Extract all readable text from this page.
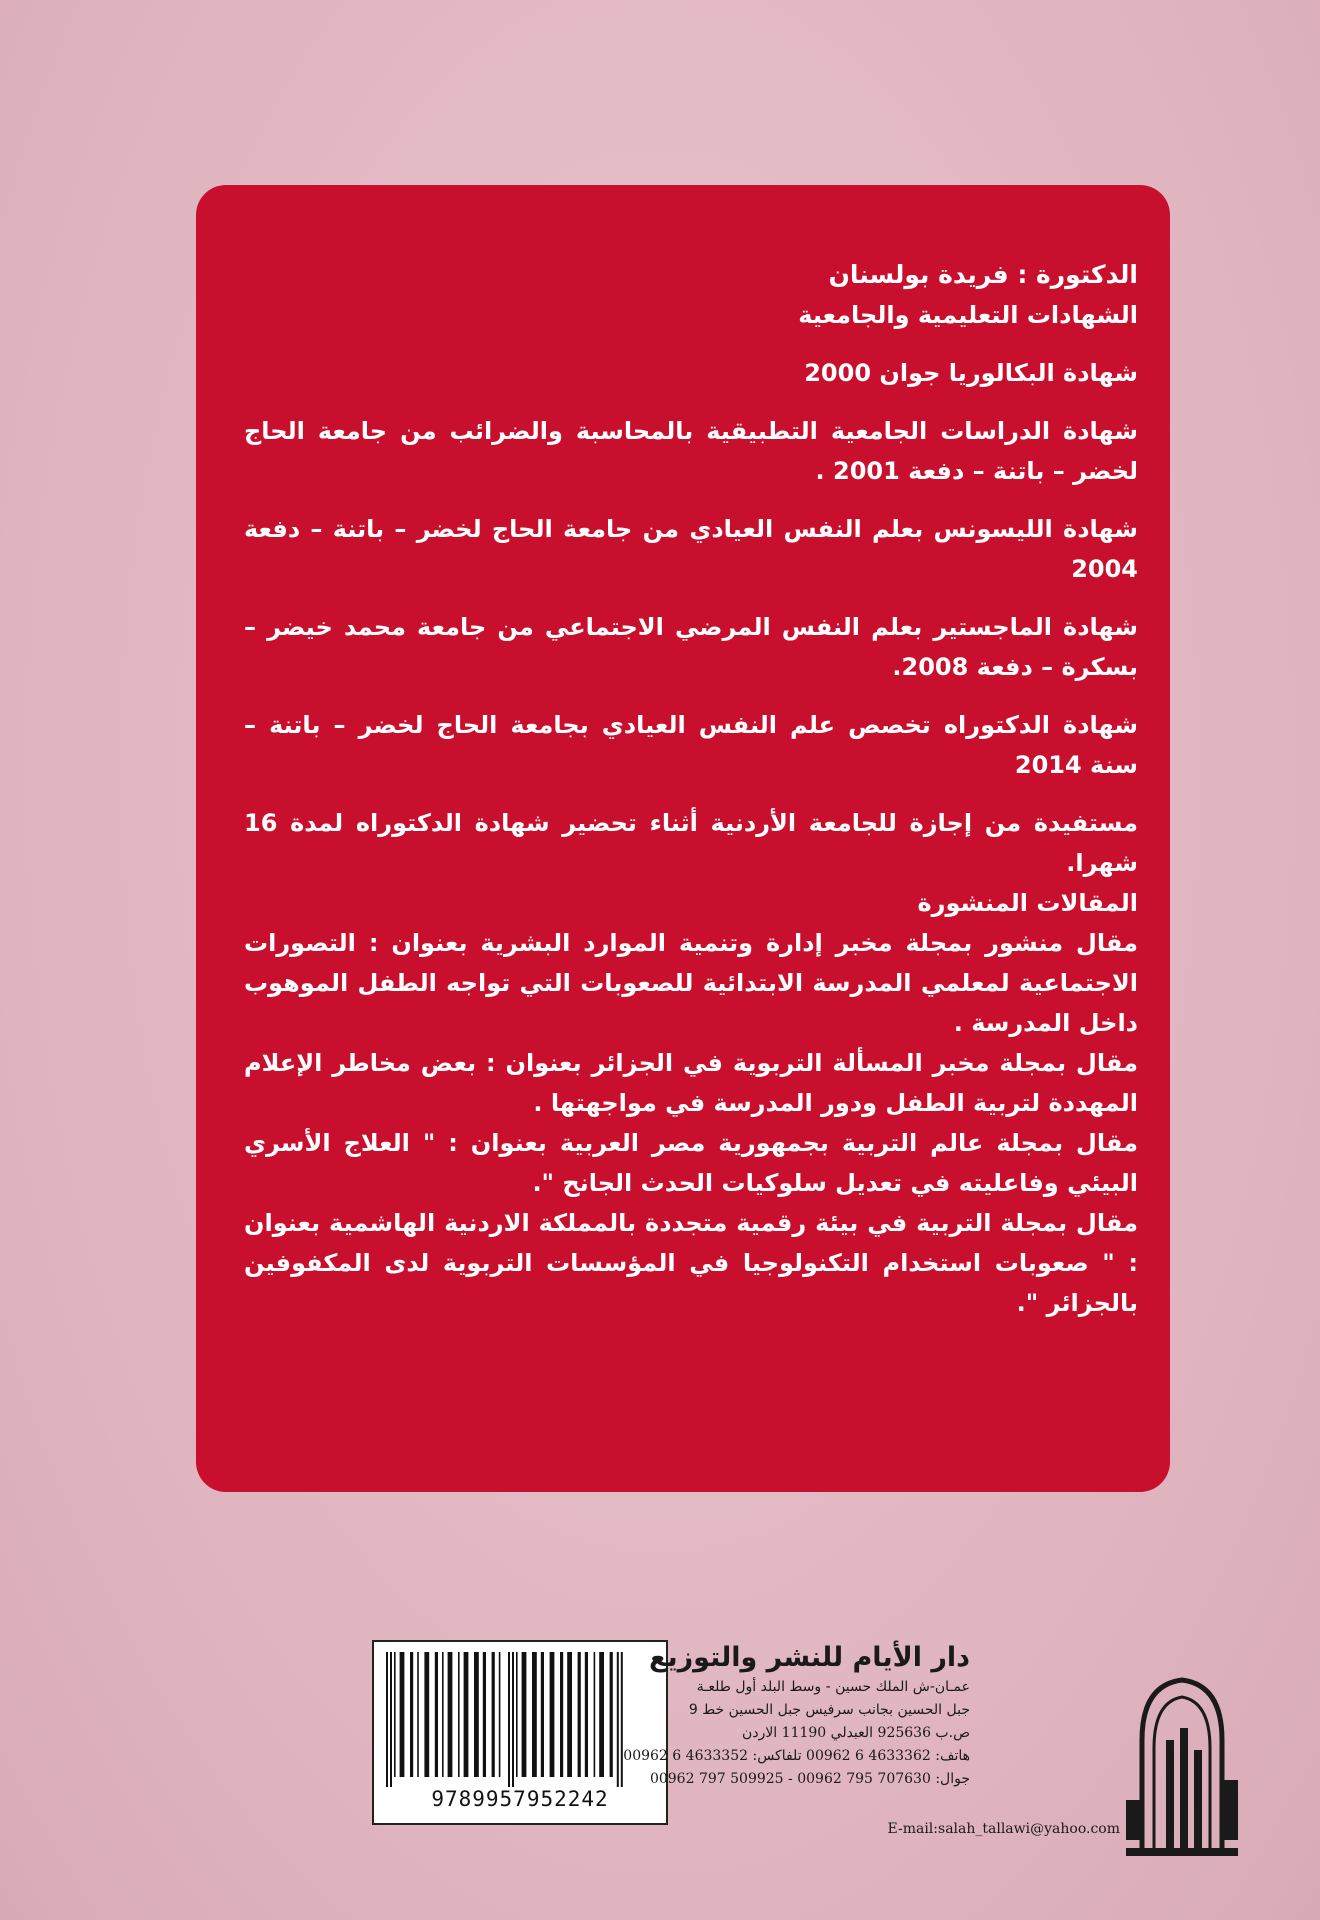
الدكتورة : فريدة بولسنان

الشهادات التعليمية والجامعية

شهادة البكالوريا جوان 2000

شهادة الدراسات الجامعية التطبيقية بالمحاسبة والضرائب من جامعة الحاج لخضر – باتنة – دفعة 2001 .

شهادة الليسونس بعلم النفس العيادي من جامعة الحاج لخضر – باتنة – دفعة 2004

شهادة الماجستير بعلم النفس المرضي الاجتماعي من جامعة محمد خيضر – بسكرة – دفعة 2008.

شهادة الدكتوراه تخصص علم النفس العيادي بجامعة الحاج لخضر – باتنة – سنة 2014

مستفيدة من إجازة للجامعة الأردنية أثناء تحضير شهادة الدكتوراه لمدة 16 شهرا.

المقالات المنشورة

مقال منشور بمجلة مخبر إدارة وتنمية الموارد البشرية بعنوان : التصورات الاجتماعية لمعلمي المدرسة الابتدائية للصعوبات التي تواجه الطفل الموهوب داخل المدرسة .

مقال بمجلة مخبر المسألة التربوية في الجزائر بعنوان : بعض مخاطر الإعلام المهددة لتربية الطفل ودور المدرسة في مواجهتها .

مقال بمجلة عالم التربية بجمهورية مصر العربية بعنوان : " العلاج الأسري البيئي وفاعليته في تعديل سلوكيات الحدث الجانح ".

مقال بمجلة التربية في بيئة رقمية متجددة بالمملكة الاردنية الهاشمية بعنوان : " صعوبات استخدام التكنولوجيا في المؤسسات التربوية لدى المكفوفين بالجزائر ".

9789957952242

دار الأيام للنشر والتوزيع

عمـان-ش الملك حسين - وسط البلد أول طلعـة

جبل الحسين بجانب سرفيس جبل الحسين خط 9

ص.ب 925636 العبدلي 11190 الاردن

هاتف: 4633362 6 00962 تلفاكس: 4633352 6 00962

جوال: 707630 795 00962 - 509925 797 00962

E-mail:salah_tallawi@yahoo.com
